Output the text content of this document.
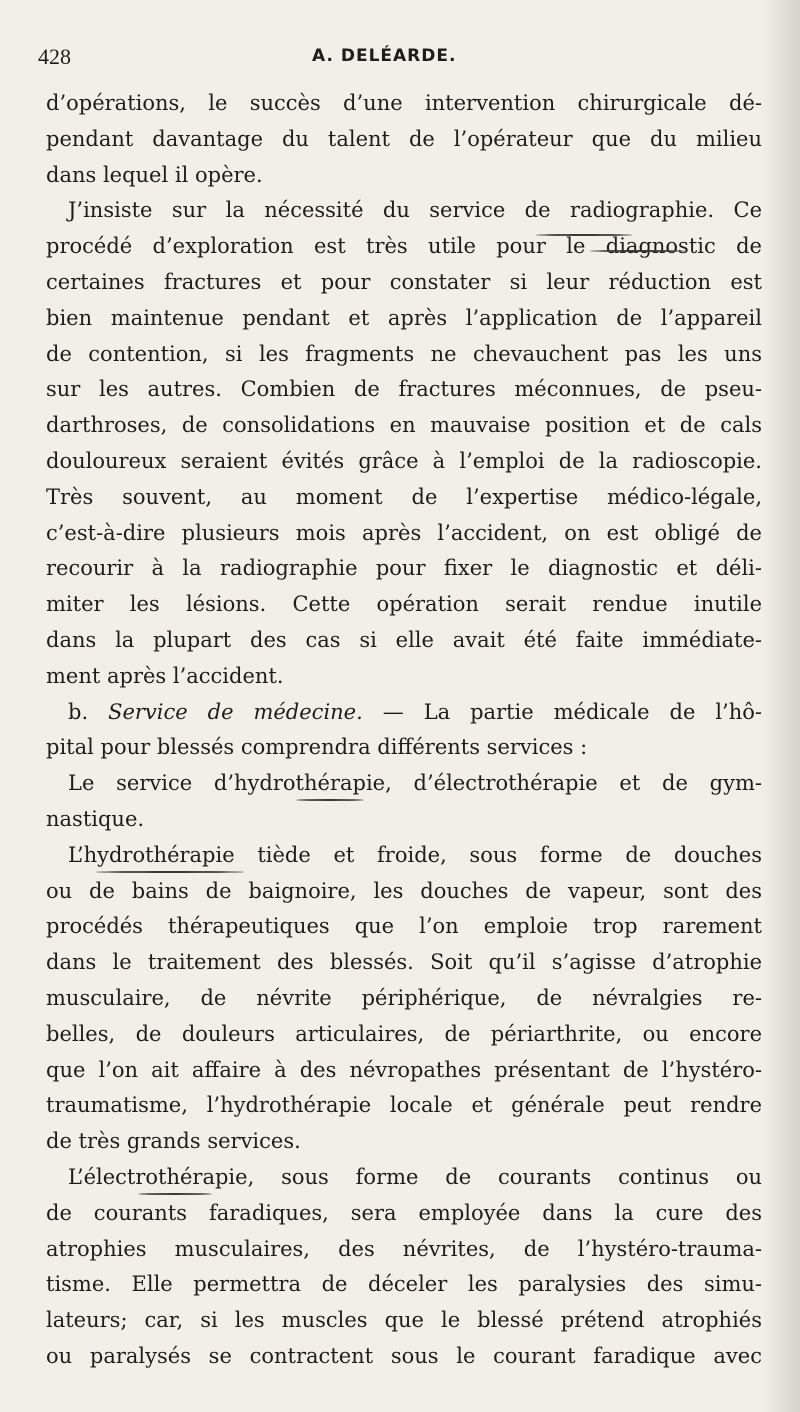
428	A. DELÉARDE.
d’opérations, le succès d’une intervention chirurgicale dé-
pendant davantage du talent de l’opérateur que du milieu
dans lequel il opère.
J’insiste sur la nécessité du service de radiographie. Ce
procédé d’exploration est très utile pour le diagnostic de
certaines fractures et pour constater si leur réduction est
bien maintenue pendant et après l’application de l’appareil
de contention, si les fragments ne chevauchent pas les uns
sur les autres. Combien de fractures méconnues, de pseu-
darthroses, de consolidations en mauvaise position et de cals
douloureux seraient évités grâce à l’emploi de la radioscopie.
Très souvent, au moment de l’expertise médico-légale,
c’est-à-dire plusieurs mois après l’accident, on est obligé de
recourir à la radiographie pour fixer le diagnostic et déli-
miter les lésions. Cette opération serait rendue inutile
dans la plupart des cas si elle avait été faite immédiate-
ment après l’accident.
b. Service de médecine. — La partie médicale de l’hô-
pital pour blessés comprendra différents services :
Le service d’hydrothérapie, d’électrothérapie et de gym-
nastique.
L’hydrothérapie tiède et froide, sous forme de douches
ou de bains de baignoire, les douches de vapeur, sont des
procédés thérapeutiques que l’on emploie trop rarement
dans le traitement des blessés. Soit qu’il s’agisse d’atrophie
musculaire, de névrite périphérique, de névralgies re-
belles, de douleurs articulaires, de périarthrite, ou encore
que l’on ait affaire à des névropathes présentant de l’hystéro-
traumatisme, l’hydrothérapie locale et générale peut rendre
de très grands services.
L’électrothérapie, sous forme de courants continus ou
de courants faradiques, sera employée dans la cure des
atrophies musculaires, des névrites, de l’hystéro-trauma-
tisme. Elle permettra de déceler les paralysies des simu-
lateurs; car, si les muscles que le blessé prétend atrophiés
ou paralysés se contractent sous le courant faradique avec
